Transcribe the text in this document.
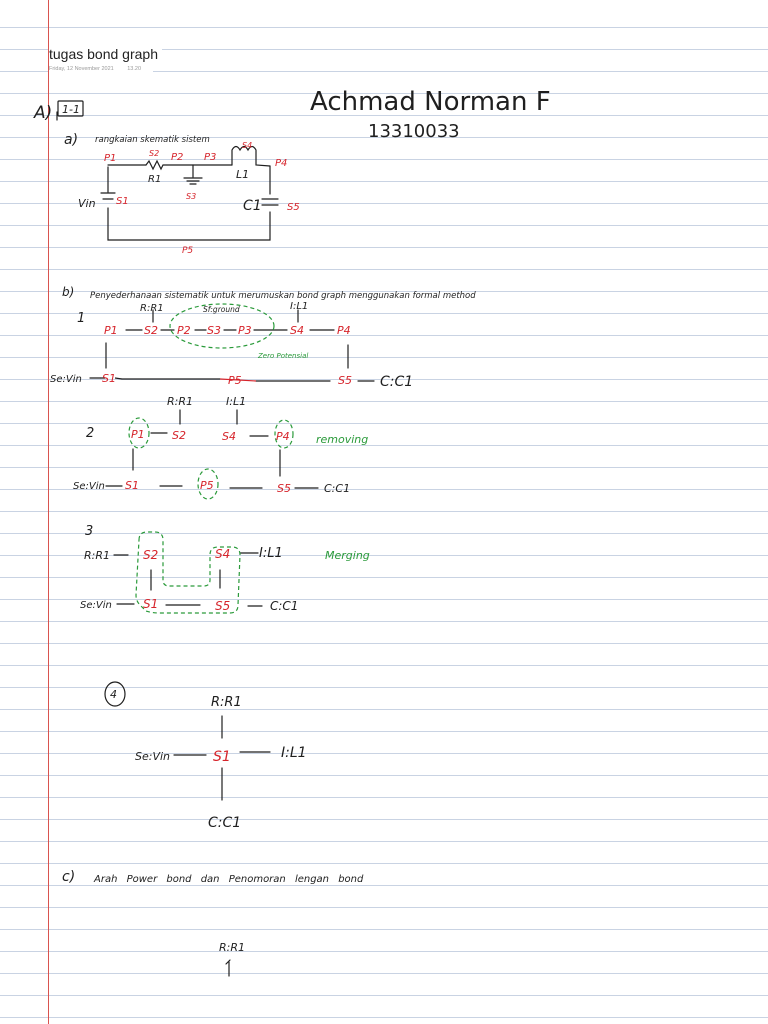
tugas bond graph
Friday, 12 November 2021 13.20
A) 1-1	Achmad Norman F
13310033
a) rangkaian skematik sistem
P1	S2 P2 P3
S4
P4
R1	L1
S3
Vin S1	C1	S5
P5
b) Penyederhanaan sistematik untuk merumuskan bond graph menggunakan formal method
1
R:R1	Sf:ground	I:L1
P1 S2 P2 S3 P3	S4	P4
Zero Potensial
Se:Vin S1	P5	S5 C:C1
2
R:R1	I:L1
P1 S2	S4	P4 removing
Se:Vin S1	P5	S5	C:C1
3
R:R1	S2	S4 I:L1	Merging
Se:Vin	S1	S5	C:C1
4
R:R1
Se:Vin	S1	I:L1
C:C1
c) Arah Power bond dan Penomoran lengan bond
R:R1
